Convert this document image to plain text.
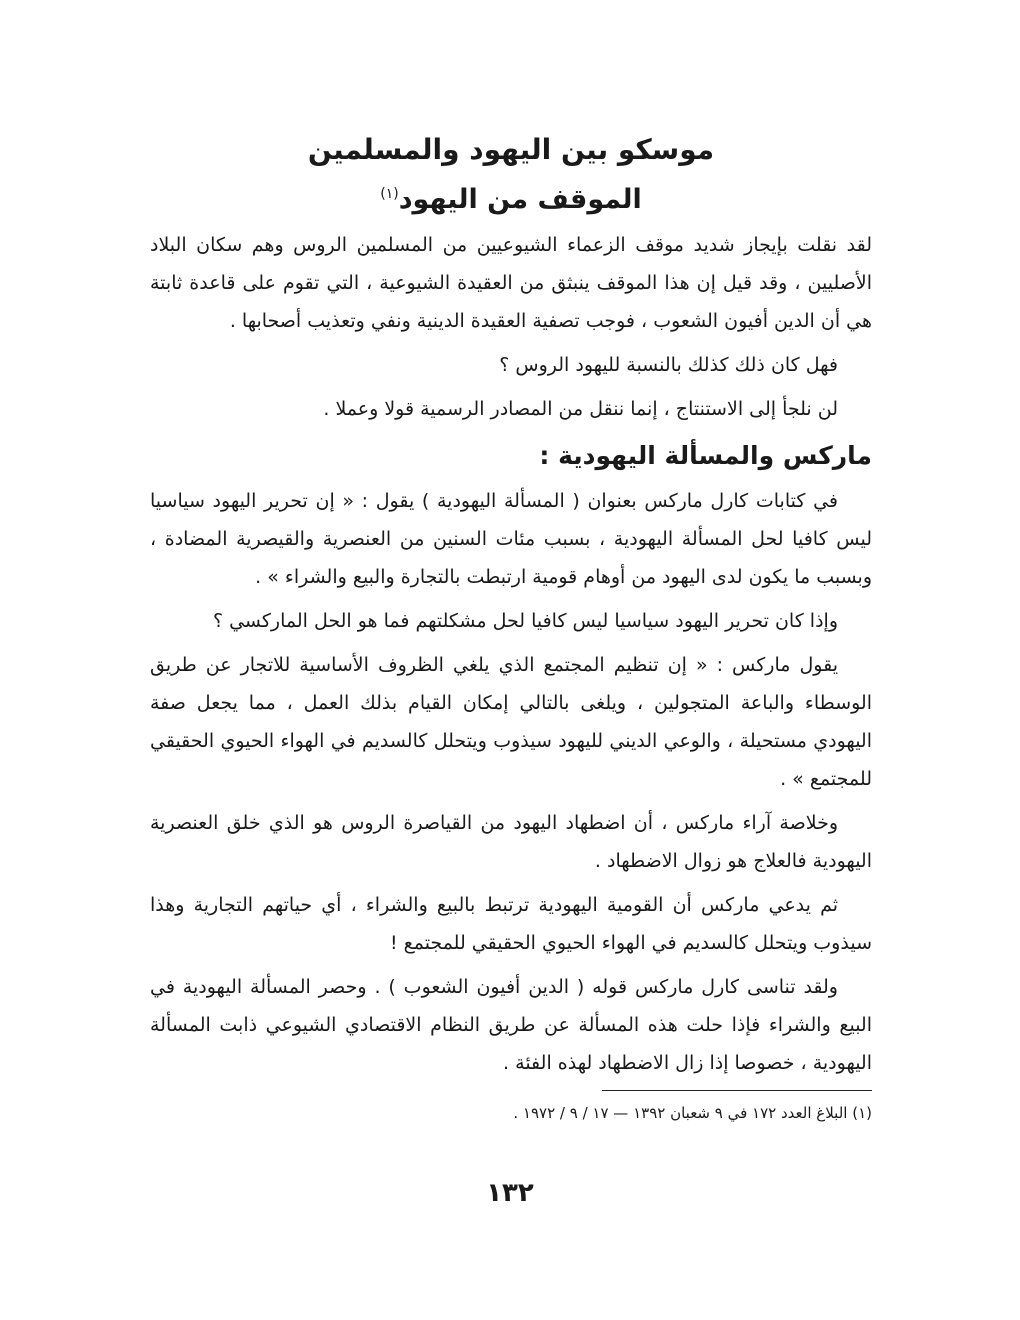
موسكو بين اليهود والمسلمين
الموقف من اليهود$^{(١)}$

لقد نقلت بإيجاز شديد موقف الزعماء الشيوعيين من المسلمين الروس وهم سكان البلاد الأصليين ، وقد قيل إن هذا الموقف ينبثق من العقيدة الشيوعية ، التي تقوم على قاعدة ثابتة هي أن الدين أفيون الشعوب ، فوجب تصفية العقيدة الدينية ونفي وتعذيب أصحابها .

فهل كان ذلك كذلك بالنسبة لليهود الروس ؟

لن نلجأ إلى الاستنتاج ، إنما ننقل من المصادر الرسمية قولا وعملا .

ماركس والمسألة اليهودية :

في كتابات كارل ماركس بعنوان ( المسألة اليهودية ) يقول : « إن تحرير اليهود سياسيا ليس كافيا لحل المسألة اليهودية ، بسبب مئات السنين من العنصرية والقيصرية المضادة ، وبسبب ما يكون لدى اليهود من أوهام قومية ارتبطت بالتجارة والبيع والشراء » .

وإذا كان تحرير اليهود سياسيا ليس كافيا لحل مشكلتهم فما هو الحل الماركسي ؟

يقول ماركس : « إن تنظيم المجتمع الذي يلغي الظروف الأساسية للاتجار عن طريق الوسطاء والباعة المتجولين ، ويلغى بالتالي إمكان القيام بذلك العمل ، مما يجعل صفة اليهودي مستحيلة ، والوعي الديني لليهود سيذوب ويتحلل كالسديم في الهواء الحيوي الحقيقي للمجتمع » .

وخلاصة آراء ماركس ، أن اضطهاد اليهود من القياصرة الروس هو الذي خلق العنصرية اليهودية فالعلاج هو زوال الاضطهاد .

ثم يدعي ماركس أن القومية اليهودية ترتبط بالبيع والشراء ، أي حياتهم التجارية وهذا سيذوب ويتحلل كالسديم في الهواء الحيوي الحقيقي للمجتمع !

ولقد تناسى كارل ماركس قوله ( الدين أفيون الشعوب ) . وحصر المسألة اليهودية في البيع والشراء فإذا حلت هذه المسألة عن طريق النظام الاقتصادي الشيوعي ذابت المسألة اليهودية ، خصوصا إذا زال الاضطهاد لهذه الفئة .

(١) البلاغ العدد ١٧٢ في ٩ شعبان ١٣٩٢ — ١٧ / ٩ / ١٩٧٢ .

١٣٢
